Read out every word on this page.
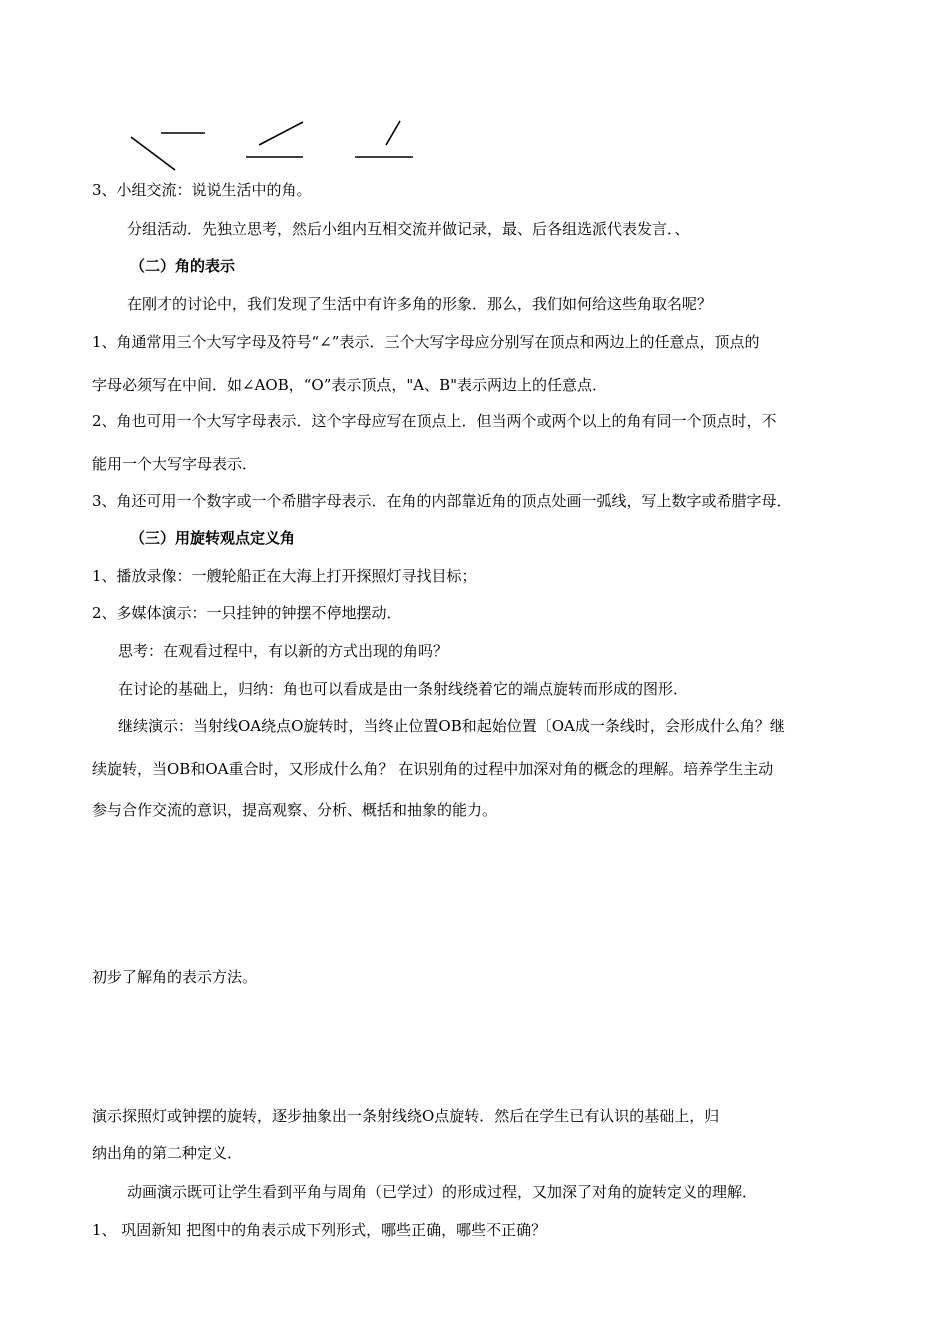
3、小组交流：说说生活中的角。
分组活动．先独立思考，然后小组内互相交流并做记录，最、后各组选派代表发言．、
（二）角的表示
在刚才的讨论中，我们发现了生活中有许多角的形象．那么，我们如何给这些角取名呢？
1、角通常用三个大写字母及符号“∠”表示．三个大写字母应分别写在顶点和两边上的任意点，顶点的
字母必须写在中间．如∠AOB，“O”表示顶点，"A、B"表示两边上的任意点．
2、角也可用一个大写字母表示．这个字母应写在顶点上．但当两个或两个以上的角有同一个顶点时，不
能用一个大写字母表示．
3、角还可用一个数字或一个希腊字母表示．在角的内部靠近角的顶点处画一弧线，写上数字或希腊字母．
（三）用旋转观点定义角
1、播放录像：一艘轮船正在大海上打开探照灯寻找目标；
2、多媒体演示：一只挂钟的钟摆不停地摆动．
思考：在观看过程中，有以新的方式出现的角吗？
在讨论的基础上，归纳：角也可以看成是由一条射线绕着它的端点旋转而形成的图形．
继续演示：当射线OA绕点O旋转时，当终止位置OB和起始位置〔OA成一条线时，会形成什么角？继
续旋转，当OB和OA重合时，又形成什么角？ 在识别角的过程中加深对角的概念的理解。培养学生主动
参与合作交流的意识，提高观察、分析、概括和抽象的能力。
初步了解角的表示方法。
演示探照灯或钟摆的旋转，逐步抽象出一条射线绕O点旋转．然后在学生已有认识的基础上，归
纳出角的第二种定义．
动画演示既可让学生看到平角与周角（已学过）的形成过程，又加深了对角的旋转定义的理解．
1、 巩固新知 把图中的角表示成下列形式，哪些正确，哪些不正确？
